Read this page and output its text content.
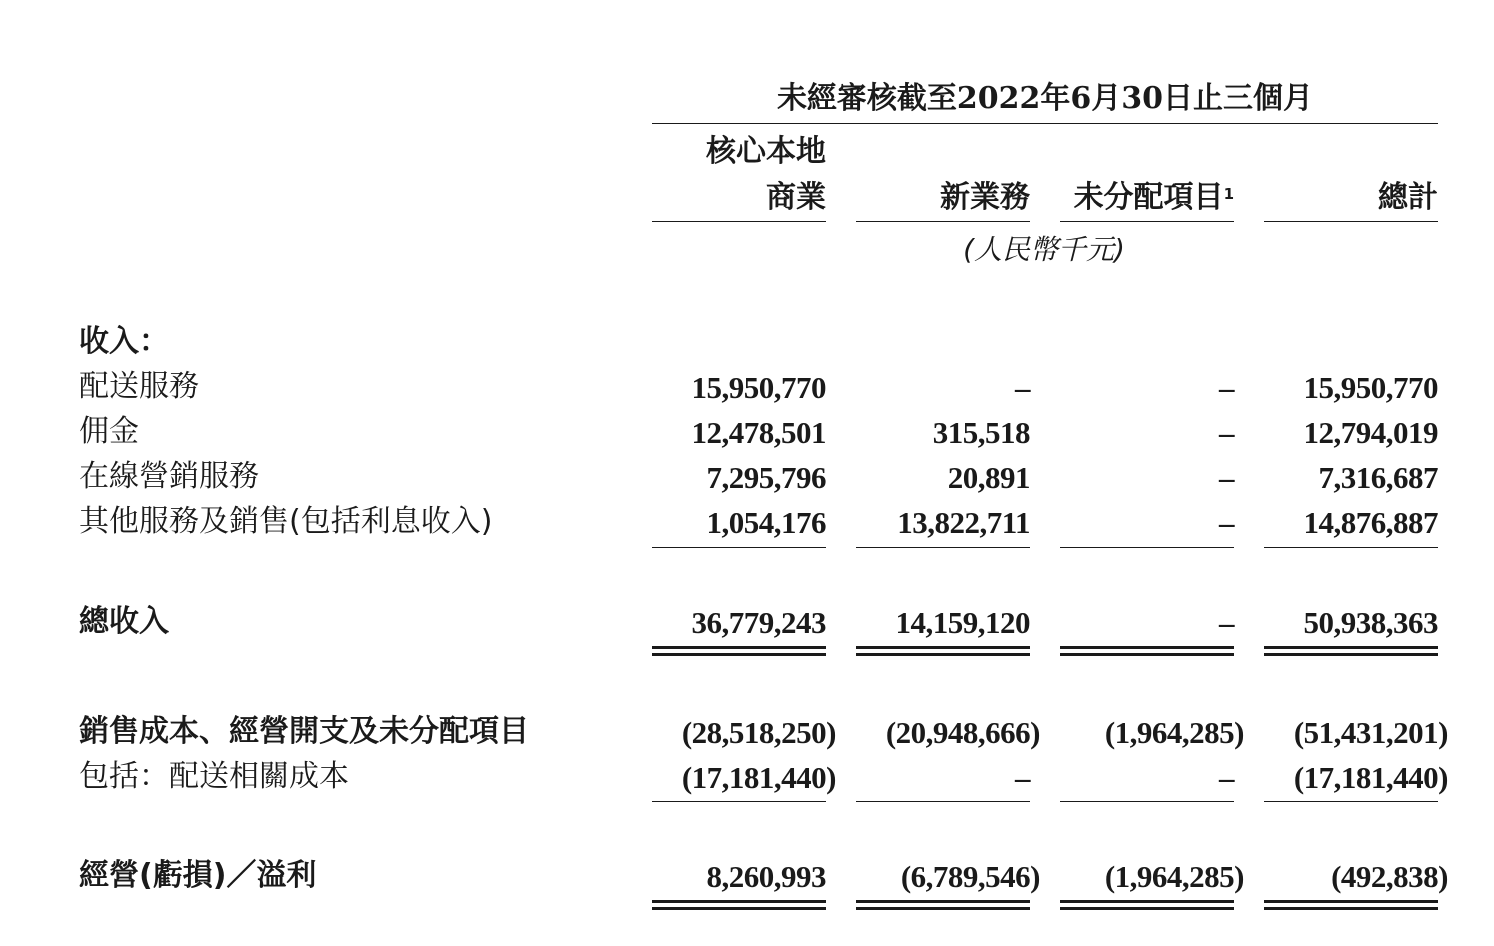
未經審核截至2022年6月30日止三個月
核心本地
商業	新業務	未分配項目$^1$	總計
(人民幣千元)
收入：
配送服務	15,950,770	–	–	15,950,770
佣金	12,478,501	315,518	–	12,794,019
在線營銷服務	7,295,796	20,891	–	7,316,687
其他服務及銷售(包括利息收入)	1,054,176	13,822,711	–	14,876,887
總收入	36,779,243	14,159,120	–	50,938,363
銷售成本、經營開支及未分配項目	(28,518,250)	(20,948,666)	(1,964,285)	(51,431,201)
包括：配送相關成本	(17,181,440)	–	–	(17,181,440)
經營(虧損)／溢利	8,260,993	(6,789,546)	(1,964,285)	(492,838)
